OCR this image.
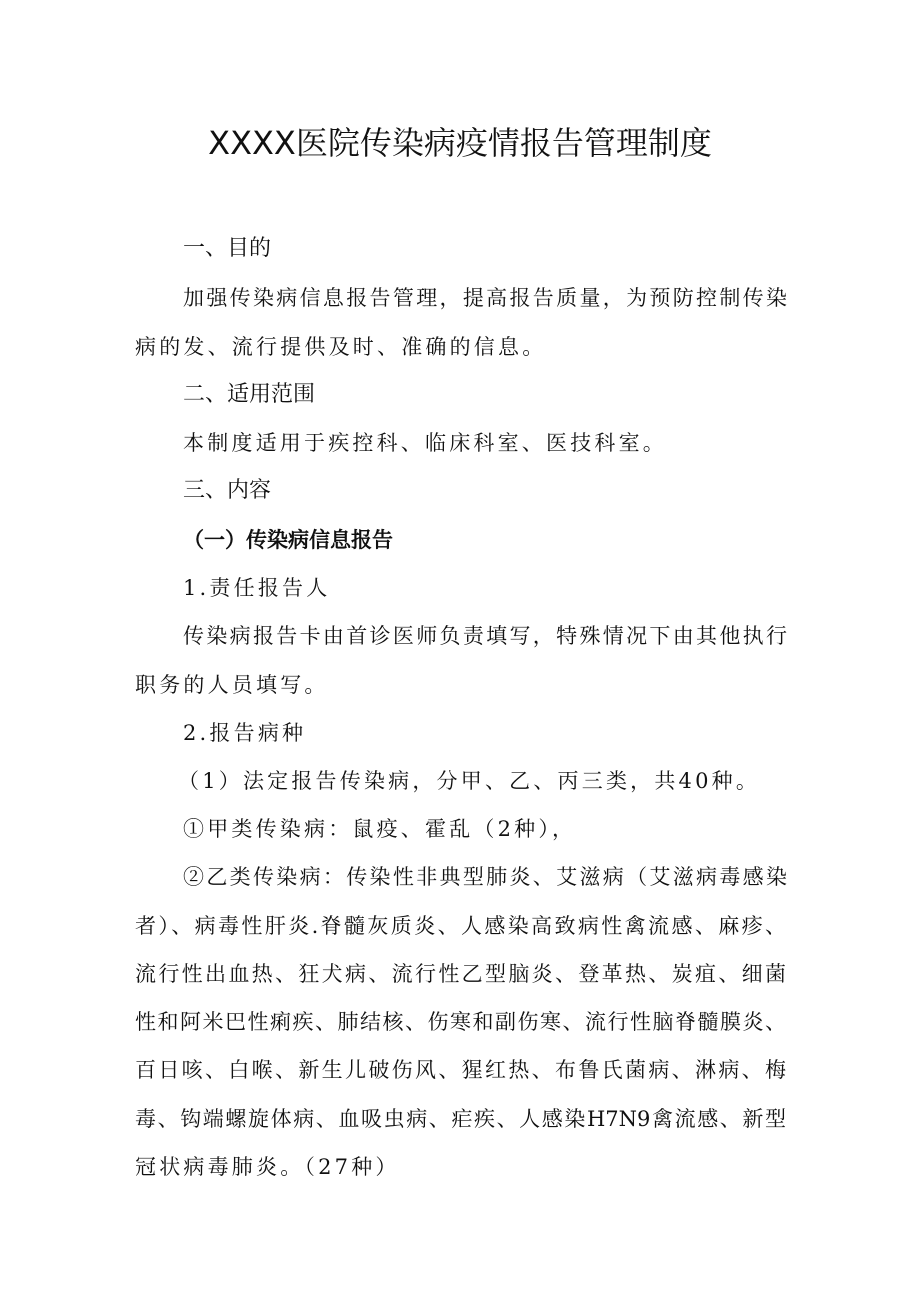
XXXX医院传染病疫情报告管理制度
一、目的
加强传染病信息报告管理，提高报告质量，为预防控制传染
病的发、流行提供及时、准确的信息。
二、适用范围
本制度适用于疾控科、临床科室、医技科室。
三、内容
（一）传染病信息报告
1.责任报告人
传染病报告卡由首诊医师负责填写，特殊情况下由其他执行
职务的人员填写。
2.报告病种
（1）法定报告传染病，分甲、乙、丙三类，共40种。
①甲类传染病：鼠疫、霍乱（2种），
②乙类传染病：传染性非典型肺炎、艾滋病（艾滋病毒感染
者）、病毒性肝炎.脊髓灰质炎、人感染高致病性禽流感、麻疹、
流行性出血热、狂犬病、流行性乙型脑炎、登革热、炭疽、细菌
性和阿米巴性痢疾、肺结核、伤寒和副伤寒、流行性脑脊髓膜炎、
百日咳、白喉、新生儿破伤风、猩红热、布鲁氏菌病、淋病、梅
毒、钩端螺旋体病、血吸虫病、疟疾、人感染H7N9禽流感、新型
冠状病毒肺炎。（27种）
